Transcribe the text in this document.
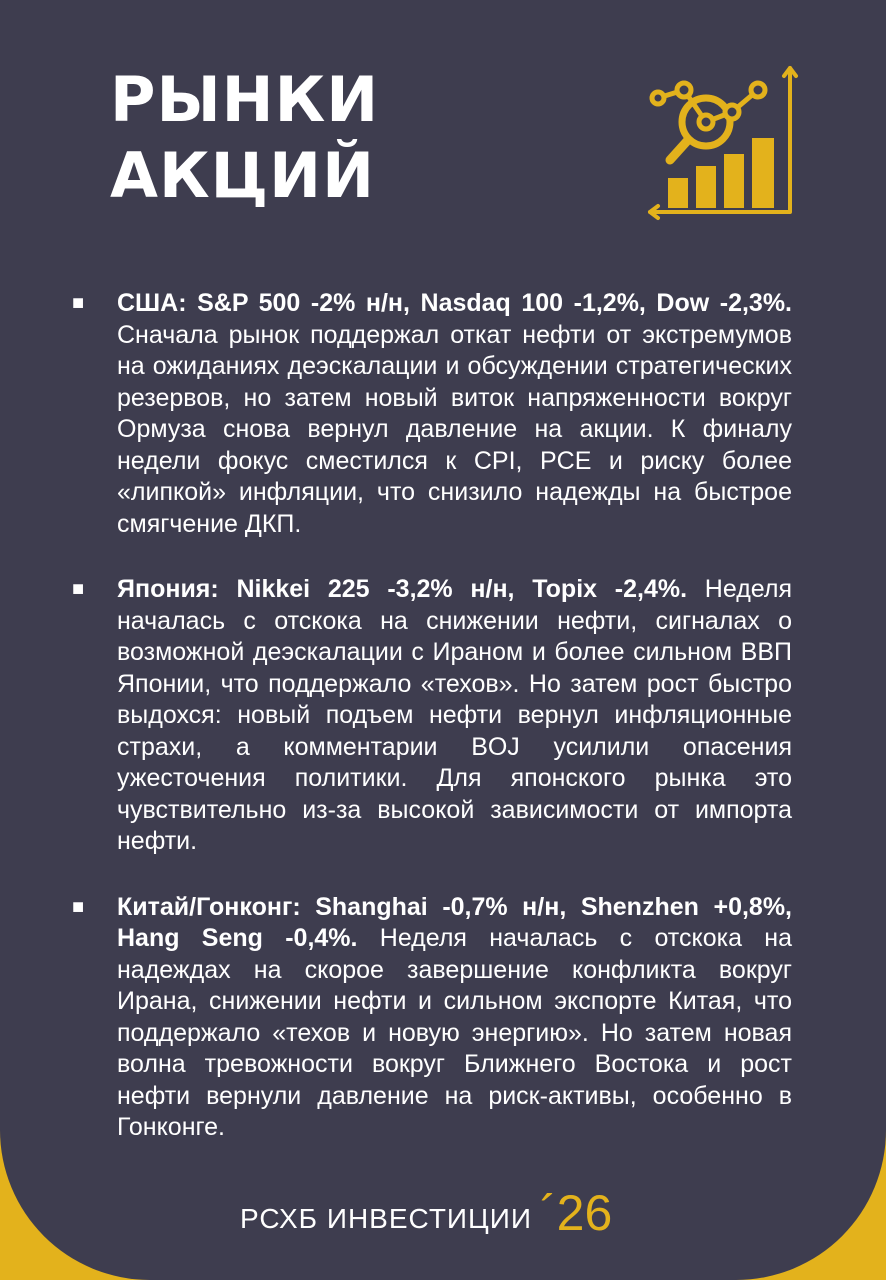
РЫНКИ
АКЦИЙ
■ США: S&P 500 -2% н/н, Nasdaq 100 -1,2%, Dow -2,3%. Сначала рынок поддержал откат нефти от экстремумов на ожиданиях деэскалации и обсуждении стратегических резервов, но затем новый виток напряженности вокруг Ормуза снова вернул давление на акции. К финалу недели фокус сместился к CPI, PCE и риску более «липкой» инфляции, что снизило надежды на быстрое смягчение ДКП.
■ Япония: Nikkei 225 -3,2% н/н, Topix -2,4%. Неделя началась с отскока на снижении нефти, сигналах о возможной деэскалации с Ираном и более сильном ВВП Японии, что поддержало «техов». Но затем рост быстро выдохся: новый подъем нефти вернул инфляционные страхи, а комментарии BOJ усилили опасения ужесточения политики. Для японского рынка это чувствительно из-за высокой зависимости от импорта нефти.
■ Китай/Гонконг: Shanghai -0,7% н/н, Shenzhen +0,8%, Hang Seng -0,4%. Неделя началась с отскока на надеждах на скорое завершение конфликта вокруг Ирана, снижении нефти и сильном экспорте Китая, что поддержало «техов и новую энергию». Но затем новая волна тревожности вокруг Ближнего Востока и рост нефти вернули давление на риск-активы, особенно в Гонконге.
РСХБ ИНВЕСТИЦИИ ´26
